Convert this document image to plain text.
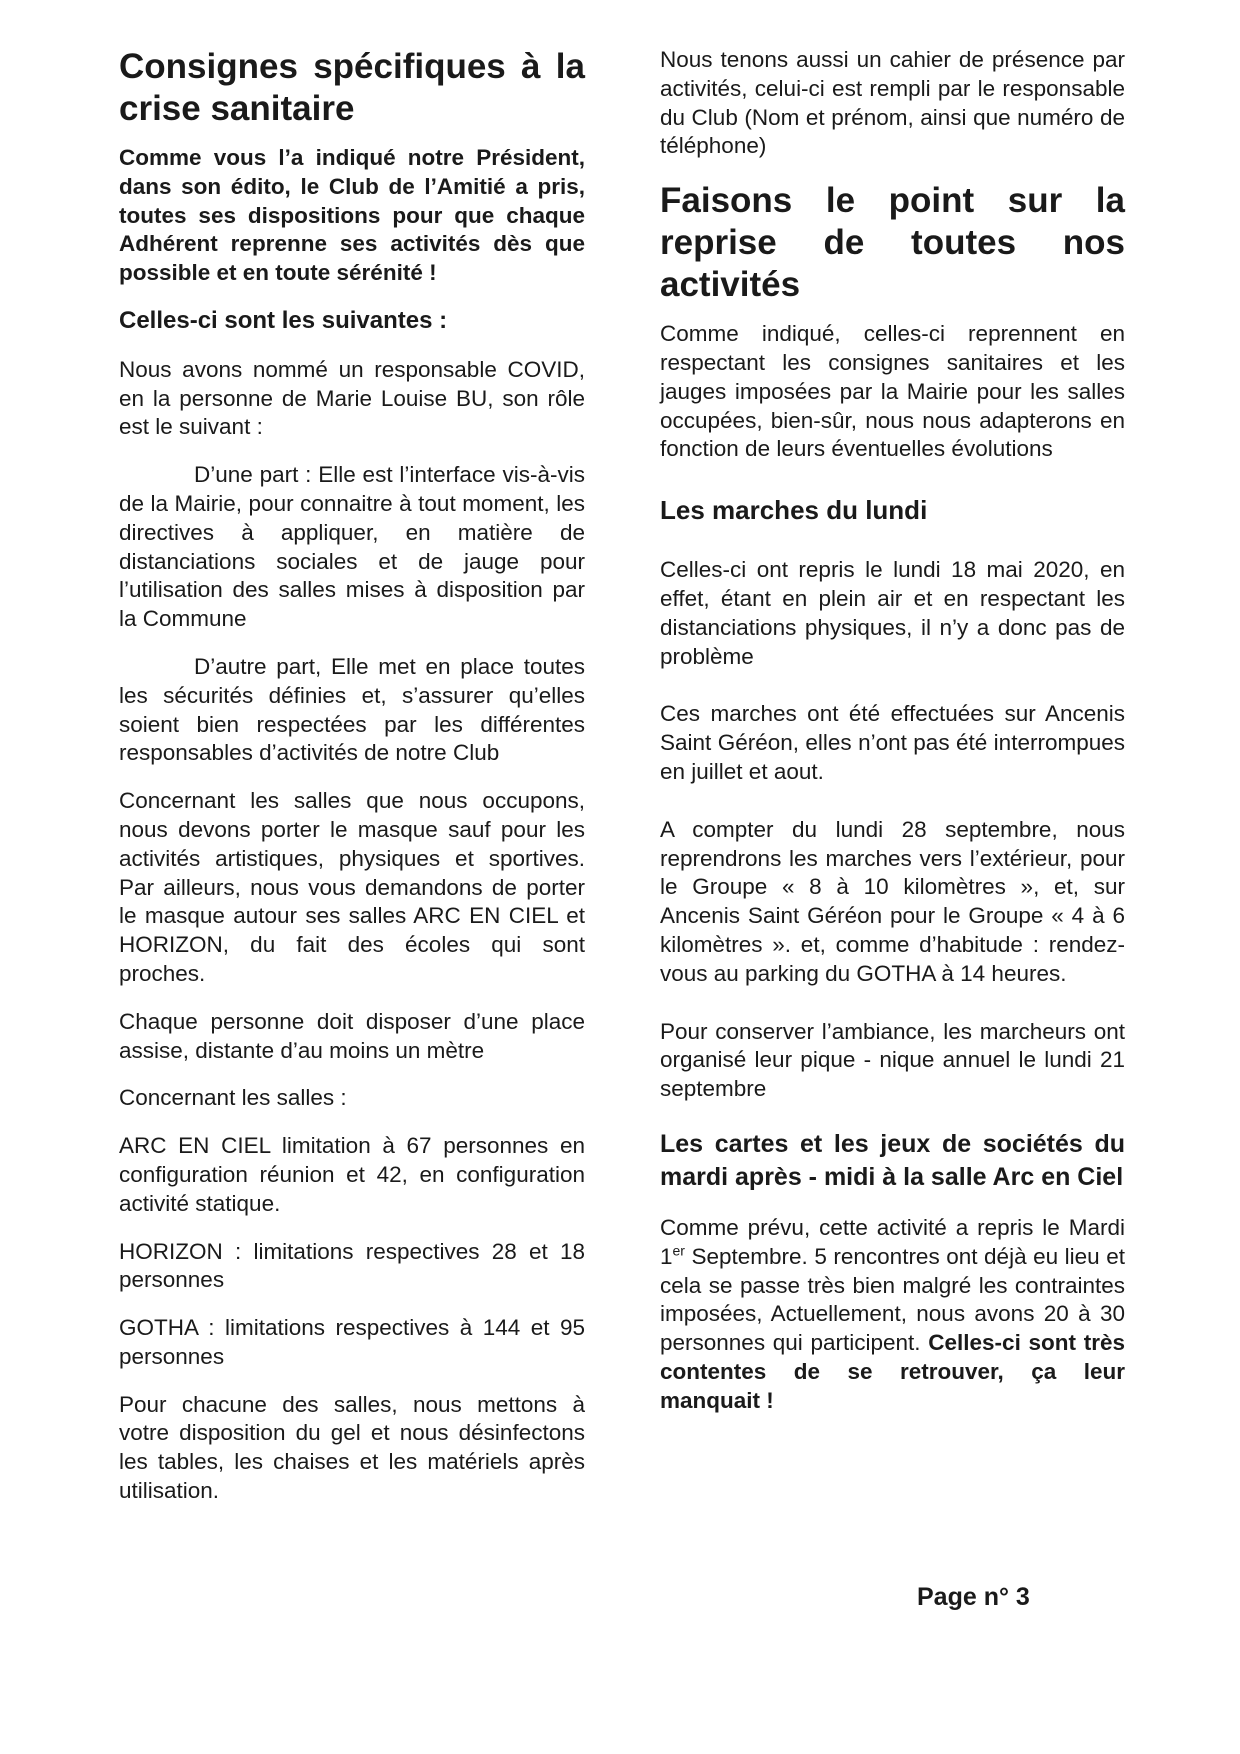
Consignes spécifiques à la crise sanitaire

Comme vous l’a indiqué notre Président, dans son édito, le Club de l’Amitié a pris, toutes ses dispositions pour que chaque Adhérent reprenne ses activités dès que possible et en toute sérénité !

Celles-ci sont les suivantes :

Nous avons nommé un responsable COVID, en la personne de Marie Louise BU, son rôle est le suivant :

D’une part : Elle est l’interface vis-à-vis de la Mairie, pour connaitre à tout moment, les directives à appliquer, en matière de distanciations sociales et de jauge pour l’utilisation des salles mises à disposition par la Commune

D’autre part, Elle met en place toutes les sécurités définies et, s’assurer qu’elles soient bien respectées par les différentes responsables d’activités de notre Club

Concernant les salles que nous occupons, nous devons porter le masque sauf pour les activités artistiques, physiques et sportives. Par ailleurs, nous vous demandons de porter le masque autour ses salles ARC EN CIEL et HORIZON, du fait des écoles qui sont proches.

Chaque personne doit disposer d’une place assise, distante d’au moins un mètre

Concernant les salles :

ARC EN CIEL limitation à 67 personnes en configuration réunion et 42, en configuration activité statique.

HORIZON : limitations respectives 28 et 18 personnes

GOTHA : limitations respectives à 144 et 95 personnes

Pour chacune des salles, nous mettons à votre disposition du gel et nous désinfectons les tables, les chaises et les matériels après utilisation.

Nous tenons aussi un cahier de présence par activités, celui-ci est rempli par le responsable du Club (Nom et prénom, ainsi que numéro de téléphone)

Faisons le point sur la reprise de toutes nos activités

Comme indiqué, celles-ci reprennent en respectant les consignes sanitaires et les jauges imposées par la Mairie pour les salles occupées, bien-sûr, nous nous adapterons en fonction de leurs éventuelles évolutions

Les marches du lundi

Celles-ci ont repris le lundi 18 mai 2020, en effet, étant en plein air et en respectant les distanciations physiques, il n’y a donc pas de problème

Ces marches ont été effectuées sur Ancenis Saint Géréon, elles n’ont pas été interrompues en juillet et aout.

A compter du lundi 28 septembre, nous reprendrons les marches vers l’extérieur, pour le Groupe « 8 à 10 kilomètres », et, sur Ancenis Saint Géréon pour le Groupe « 4 à 6 kilomètres ». et, comme d’habitude : rendez-vous au parking du GOTHA à 14 heures.

Pour conserver l’ambiance, les marcheurs ont organisé leur pique - nique annuel le lundi 21 septembre

Les cartes et les jeux de sociétés du mardi après - midi à la salle Arc en Ciel

Comme prévu, cette activité a repris le Mardi 1er Septembre. 5 rencontres ont déjà eu lieu et cela se passe très bien malgré les contraintes imposées, Actuellement, nous avons 20 à 30 personnes qui participent. Celles-ci sont très contentes de se retrouver, ça leur manquait !

Page n° 3
